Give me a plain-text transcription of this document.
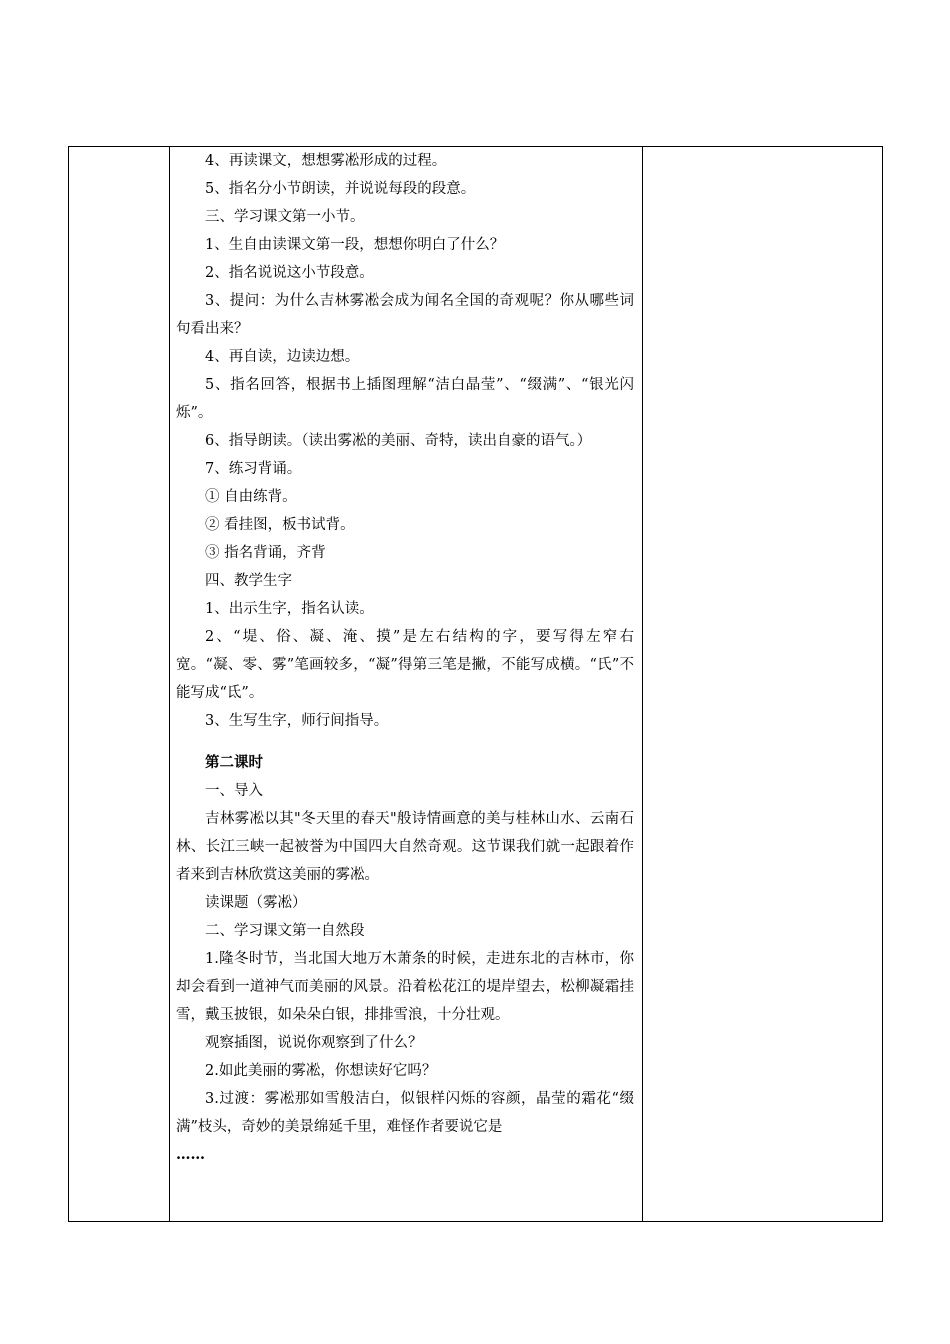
4、再读课文，想想雾凇形成的过程。

5、指名分小节朗读，并说说每段的段意。

三、学习课文第一小节。

1、生自由读课文第一段，想想你明白了什么？

2、指名说说这小节段意。

3、提问：为什么吉林雾凇会成为闻名全国的奇观呢？你从哪些词句看出来？

4、再自读，边读边想。

5、指名回答，根据书上插图理解“洁白晶莹”、“缀满”、“银光闪烁”。

6、指导朗读。（读出雾凇的美丽、奇特，读出自豪的语气。）

7、练习背诵。

① 自由练背。

② 看挂图，板书试背。

③ 指名背诵，齐背

四、教学生字

1、出示生字，指名认读。

2、“堤、俗、凝、淹、摸”是左右结构的字，要写得左窄右宽。“凝、零、雾”笔画较多，“凝”得第三笔是撇，不能写成横。“氏”不能写成“氐”。

3、生写生字，师行间指导。

第二课时

一、导入

吉林雾凇以其"冬天里的春天"般诗情画意的美与桂林山水、云南石林、长江三峡一起被誉为中国四大自然奇观。这节课我们就一起跟着作者来到吉林欣赏这美丽的雾凇。

读课题（雾凇）

二、学习课文第一自然段

1.隆冬时节，当北国大地万木萧条的时候，走进东北的吉林市，你却会看到一道神气而美丽的风景。沿着松花江的堤岸望去，松柳凝霜挂雪，戴玉披银，如朵朵白银，排排雪浪，十分壮观。

观察插图，说说你观察到了什么？

2.如此美丽的雾凇，你想读好它吗？

3.过渡：雾凇那如雪般洁白，似银样闪烁的容颜，晶莹的霜花“缀满”枝头，奇妙的美景绵延千里，难怪作者要说它是

……
